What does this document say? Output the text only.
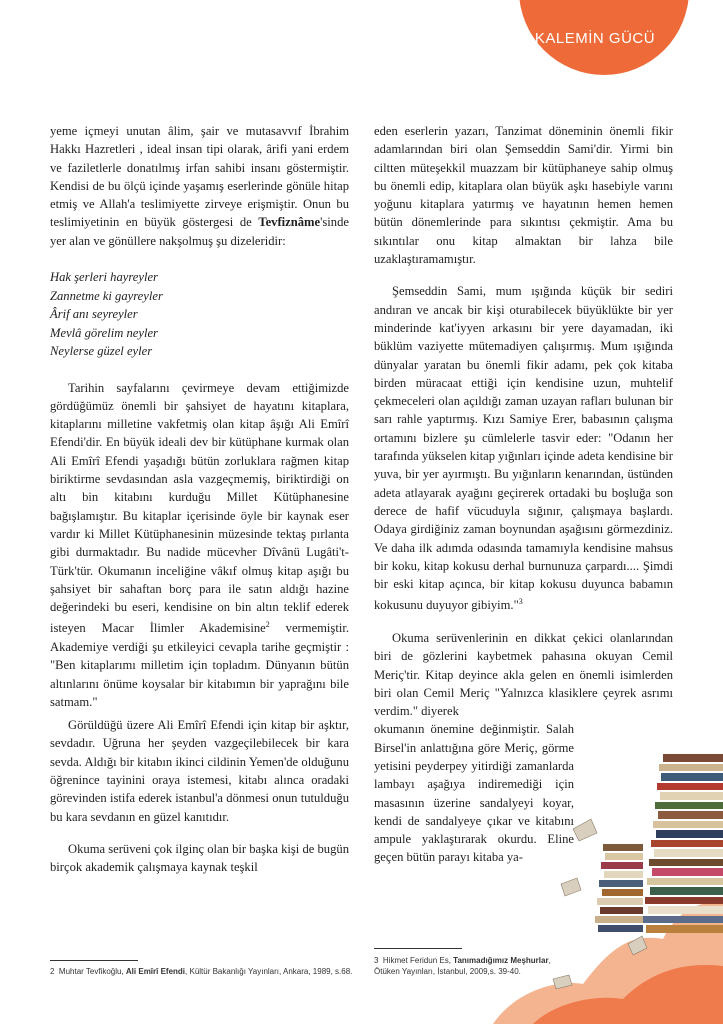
KALEMİN GÜCÜ
71

yeme içmeyi unutan âlim, şair ve mutasavvıf İbrahim Hakkı Hazretleri , ideal insan tipi olarak, ârifi yani erdem ve faziletlerle donatılmış irfan sahibi insanı göstermiştir. Kendisi de bu ölçü içinde yaşamış eserlerinde gönüle hitap etmiş ve Allah'a teslimiyette zirveye erişmiştir. Onun bu teslimiyetinin en büyük göstergesi de Tevfiznâme'sinde yer alan ve gönüllere nakşolmuş şu dizeleridir:

Hak şerleri hayreyler
Zannetme ki gayreyler
Ârif anı seyreyler
Mevlâ görelim neyler
Neylerse güzel eyler

Tarihin sayfalarını çevirmeye devam ettiğimizde gördüğümüz önemli bir şahsiyet de hayatını kitaplara, kitaplarını milletine vakfetmiş olan kitap âşığı Ali Emîrî Efendi'dir. En büyük ideali dev bir kütüphane kurmak olan Ali Emîrî Efendi yaşadığı bütün zorluklara rağmen kitap biriktirme sevdasından asla vazgeçmemiş, biriktirdiği on altı bin kitabını kurduğu Millet Kütüphanesine bağışlamıştır. Bu kitaplar içerisinde öyle bir kaynak eser vardır ki Millet Kütüphanesinin müzesinde tektaş pırlanta gibi durmaktadır. Bu nadide mücevher Dîvânü Lugâti't-Türk'tür. Okumanın inceliğine vâkıf olmuş kitap aşığı bu şahsiyet bir sahaftan borç para ile satın aldığı hazine değerindeki bu eseri, kendisine on bin altın teklif ederek isteyen Macar İlimler Akademisine$^2$ vermemiştir. Akademiye verdiği şu etkileyici cevapla tarihe geçmiştir : "Ben kitaplarımı milletim için topladım. Dünyanın bütün altınlarını önüme koysalar bir kitabımın bir yaprağını bile satmam."

Görüldüğü üzere Ali Emîrî Efendi için kitap bir aşktır, sevdadır. Uğruna her şeyden vazgeçilebilecek bir kara sevda. Aldığı bir kitabın ikinci cildinin Yemen'de olduğunu öğrenince tayinini oraya istemesi, kitabı alınca oradaki görevinden istifa ederek istanbul'a dönmesi onun tutulduğu bu kara sevdanın en güzel kanıtıdır.

Okuma serüveni çok ilginç olan bir başka kişi de bugün birçok akademik çalışmaya kaynak teşkil

eden eserlerin yazarı, Tanzimat döneminin önemli fikir adamlarından biri olan Şemseddin Sami'dir. Yirmi bin ciltten müteşekkil muazzam bir kütüphaneye sahip olmuş bu önemli edip, kitaplara olan büyük aşkı hasebiyle varını yoğunu kitaplara yatırmış ve hayatının hemen hemen bütün dönemlerinde para sıkıntısı çekmiştir. Ama bu sıkıntılar onu kitap almaktan bir lahza bile uzaklaştıramamıştır.

Şemseddin Sami, mum ışığında küçük bir sediri andıran ve ancak bir kişi oturabilecek büyüklükte bir yer minderinde kat'iyyen arkasını bir yere dayamadan, iki büklüm vaziyette mütemadiyen çalışırmış. Mum ışığında dünyalar yaratan bu önemli fikir adamı, pek çok kitaba birden müracaat ettiği için kendisine uzun, muhtelif çekmeceleri olan açıldığı zaman uzayan rafları bulunan bir sarı rahle yaptırmış. Kızı Samiye Erer, babasının çalışma ortamını bizlere şu cümlelerle tasvir eder: "Odanın her tarafında yükselen kitap yığınları içinde adeta kendisine bir yuva, bir yer ayırmıştı. Bu yığınların kenarından, üstünden adeta atlayarak ayağını geçirerek ortadaki bu boşluğa son derece de hafif vücuduyla sığınır, çalışmaya başlardı. Odaya girdiğiniz zaman boynundan aşağısını görmezdiniz. Ve daha ilk adımda odasında tamamıyla kendisine mahsus bir koku, kitap kokusu derhal burnunuza çarpardı.... Şimdi bir eski kitap açınca, bir kitap kokusu duyunca babamın kokusunu duyuyor gibiyim."$^3$

Okuma serüvenlerinin en dikkat çekici olanlarından biri de gözlerini kaybetmek pahasına okuyan Cemil Meriç'tir. Kitap deyince akla gelen en önemli isimlerden biri olan Cemil Meriç "Yalnızca klasiklere çeyrek asrımı verdim." diyerek

okumanın önemine değinmiştir. Salah Birsel'in anlattığına göre Meriç, görme yetisini peyderpey yitirdiği zamanlarda lambayı aşağıya indiremediği için masasının üzerine sandalyeyi koyar, kendi de sandalyeye çıkar ve kitabını ampule yaklaştırarak okurdu. Eline geçen bütün parayı kitaba ya-

2 Muhtar Tevfikoğlu, Ali Emîrî Efendi, Kültür Bakanlığı Yayınları, Ankara, 1989, s.68.
3 Hikmet Feridun Es, Tanımadığımız Meşhurlar, Ötüken Yayınları, İstanbul, 2009,s. 39-40.
